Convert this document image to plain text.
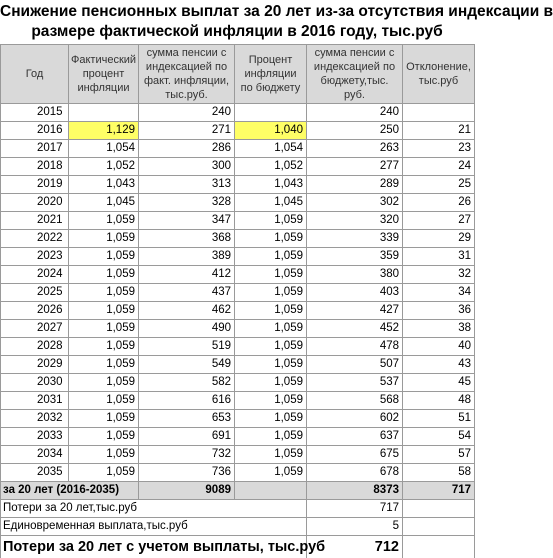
Снижение пенсионных выплат за 20 лет из-за отсутствия индексации в
размере фактической инфляции в 2016 году, тыс.руб
Год	Фактический процент инфляции	сумма пенсии с индексацией по факт. инфляции, тыс.руб.	Процент инфляции по бюджету	сумма пенсии с индексацией по бюджету,тыс. руб.	Отклонение, тыс.руб
2015		240		240	
2016	1,129	271	1,040	250	21
2017	1,054	286	1,054	263	23
2018	1,052	300	1,052	277	24
2019	1,043	313	1,043	289	25
2020	1,045	328	1,045	302	26
2021	1,059	347	1,059	320	27
2022	1,059	368	1,059	339	29
2023	1,059	389	1,059	359	31
2024	1,059	412	1,059	380	32
2025	1,059	437	1,059	403	34
2026	1,059	462	1,059	427	36
2027	1,059	490	1,059	452	38
2028	1,059	519	1,059	478	40
2029	1,059	549	1,059	507	43
2030	1,059	582	1,059	537	45
2031	1,059	616	1,059	568	48
2032	1,059	653	1,059	602	51
2033	1,059	691	1,059	637	54
2034	1,059	732	1,059	675	57
2035	1,059	736	1,059	678	58
за 20 лет (2016-2035)		9089		8373	717
Потери за 20 лет,тыс.руб				717	
Единовременная выплата,тыс.руб				5	
Потери за 20 лет с учетом выплаты, тыс.руб				712	
